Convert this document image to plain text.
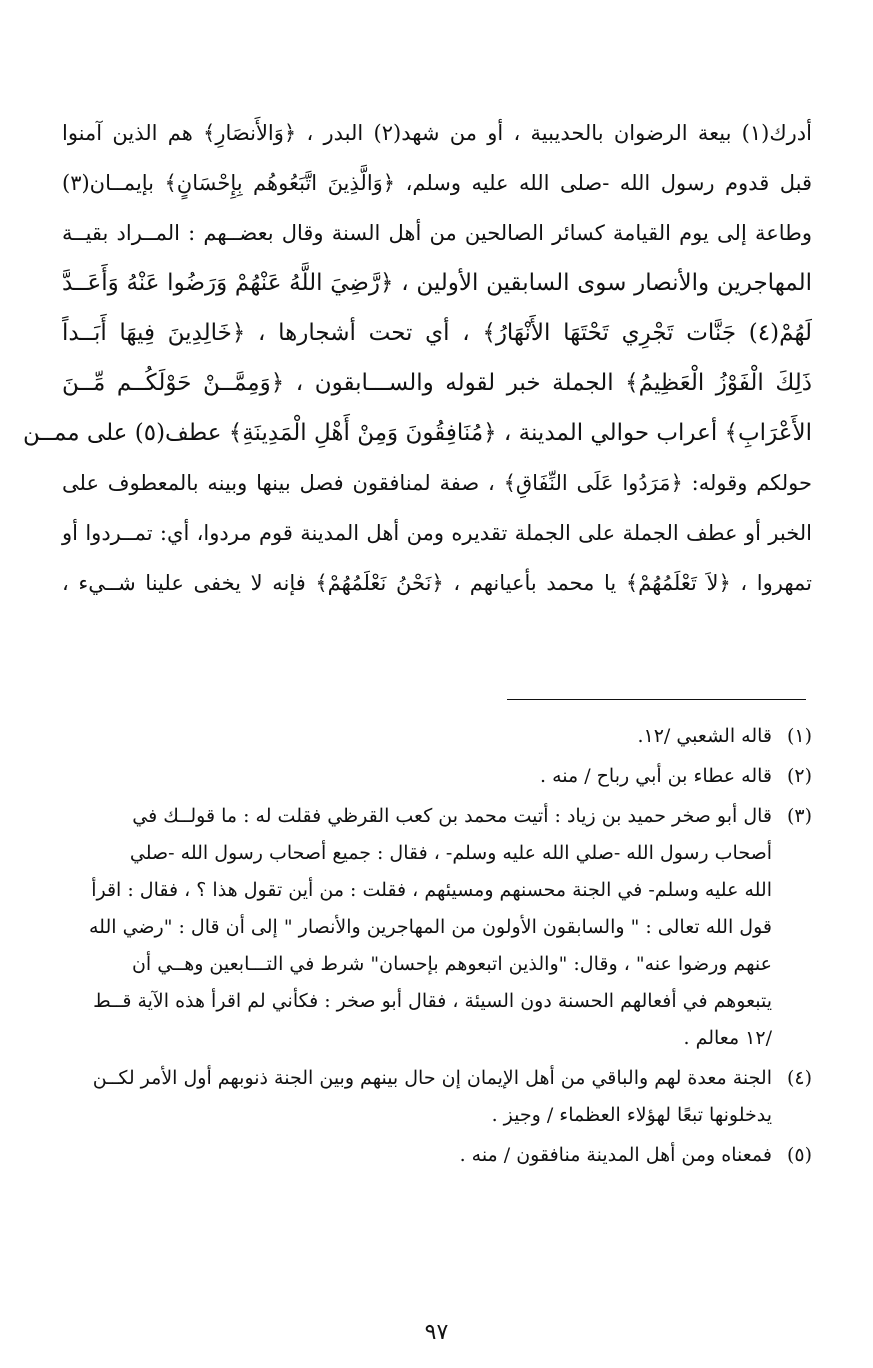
أدرك(١) بيعة الرضوان بالحديبية ، أو من شهد(٢) البدر ، ﴿وَالأَنصَارِ﴾ هم الذين آمنوا
قبل قدوم رسول الله -صلى الله عليه وسلم، ﴿وَالَّذِينَ اتَّبَعُوهُم بِإِحْسَانٍ﴾ بإيمــان(٣)
وطاعة إلى يوم القيامة كسائر الصالحين من أهل السنة وقال بعضــهم : المــراد بقيــة
المهاجرين والأنصار سوى السابقين الأولين ، ﴿رَّضِيَ اللَّهُ عَنْهُمْ وَرَضُوا عَنْهُ وَأَعَــدَّ
لَهُمْ(٤) جَنَّات تَجْرِي تَحْتَهَا الأَنْهَارُ﴾ ، أي تحت أشجارها ، ﴿خَالِدِينَ فِيهَا أَبَــداً
ذَلِكَ الْفَوْزُ الْعَظِيمُ﴾ الجملة خبر لقوله والســـابقون ، ﴿وَمِمَّــنْ حَوْلَكُــم مِّــنَ
الأَعْرَابِ﴾ أعراب حوالي المدينة ، ﴿مُنَافِقُونَ وَمِنْ أَهْلِ الْمَدِينَةِ﴾ عطف(٥) على ممــن
حولكم وقوله: ﴿مَرَدُوا عَلَى النِّفَاقِ﴾ ، صفة لمنافقون فصل بينها وبينه بالمعطوف على
الخبر أو عطف الجملة على الجملة تقديره ومن أهل المدينة قوم مردوا، أي: تمــردوا أو
تمهروا ، ﴿لاَ تَعْلَمُهُمْ﴾ يا محمد بأعيانهم ، ﴿نَحْنُ نَعْلَمُهُمْ﴾ فإنه لا يخفى علينا شــيء ،
(١)
قاله الشعبي /١٢.
(٢)
قاله عطاء بن أبي رباح / منه .
(٣)
قال أبو صخر حميد بن زياد : أتيت محمد بن كعب القرظي فقلت له : ما قولــك في
أصحاب رسول الله -صلي الله عليه وسلم- ، فقال : جميع أصحاب رسول الله -صلي
الله عليه وسلم- في الجنة محسنهم ومسيئهم ، فقلت : من أين تقول هذا ؟ ، فقال : اقرأ
قول الله تعالى : " والسابقون الأولون من المهاجرين والأنصار " إلى أن قال : "رضي الله
عنهم ورضوا عنه" ، وقال: "والذين اتبعوهم بإحسان" شرط في التـــابعين وهــي أن
يتبعوهم في أفعالهم الحسنة دون السيئة ، فقال أبو صخر : فكأني لم اقرأ هذه الآية قــط
/١٢ معالم .
(٤)
الجنة معدة لهم والباقي من أهل الإيمان إن حال بينهم وبين الجنة ذنوبهم أول الأمر لكــن
يدخلونها تبعًا لهؤلاء العظماء / وجيز .
(٥)
فمعناه ومن أهل المدينة منافقون / منه .
٩٧
